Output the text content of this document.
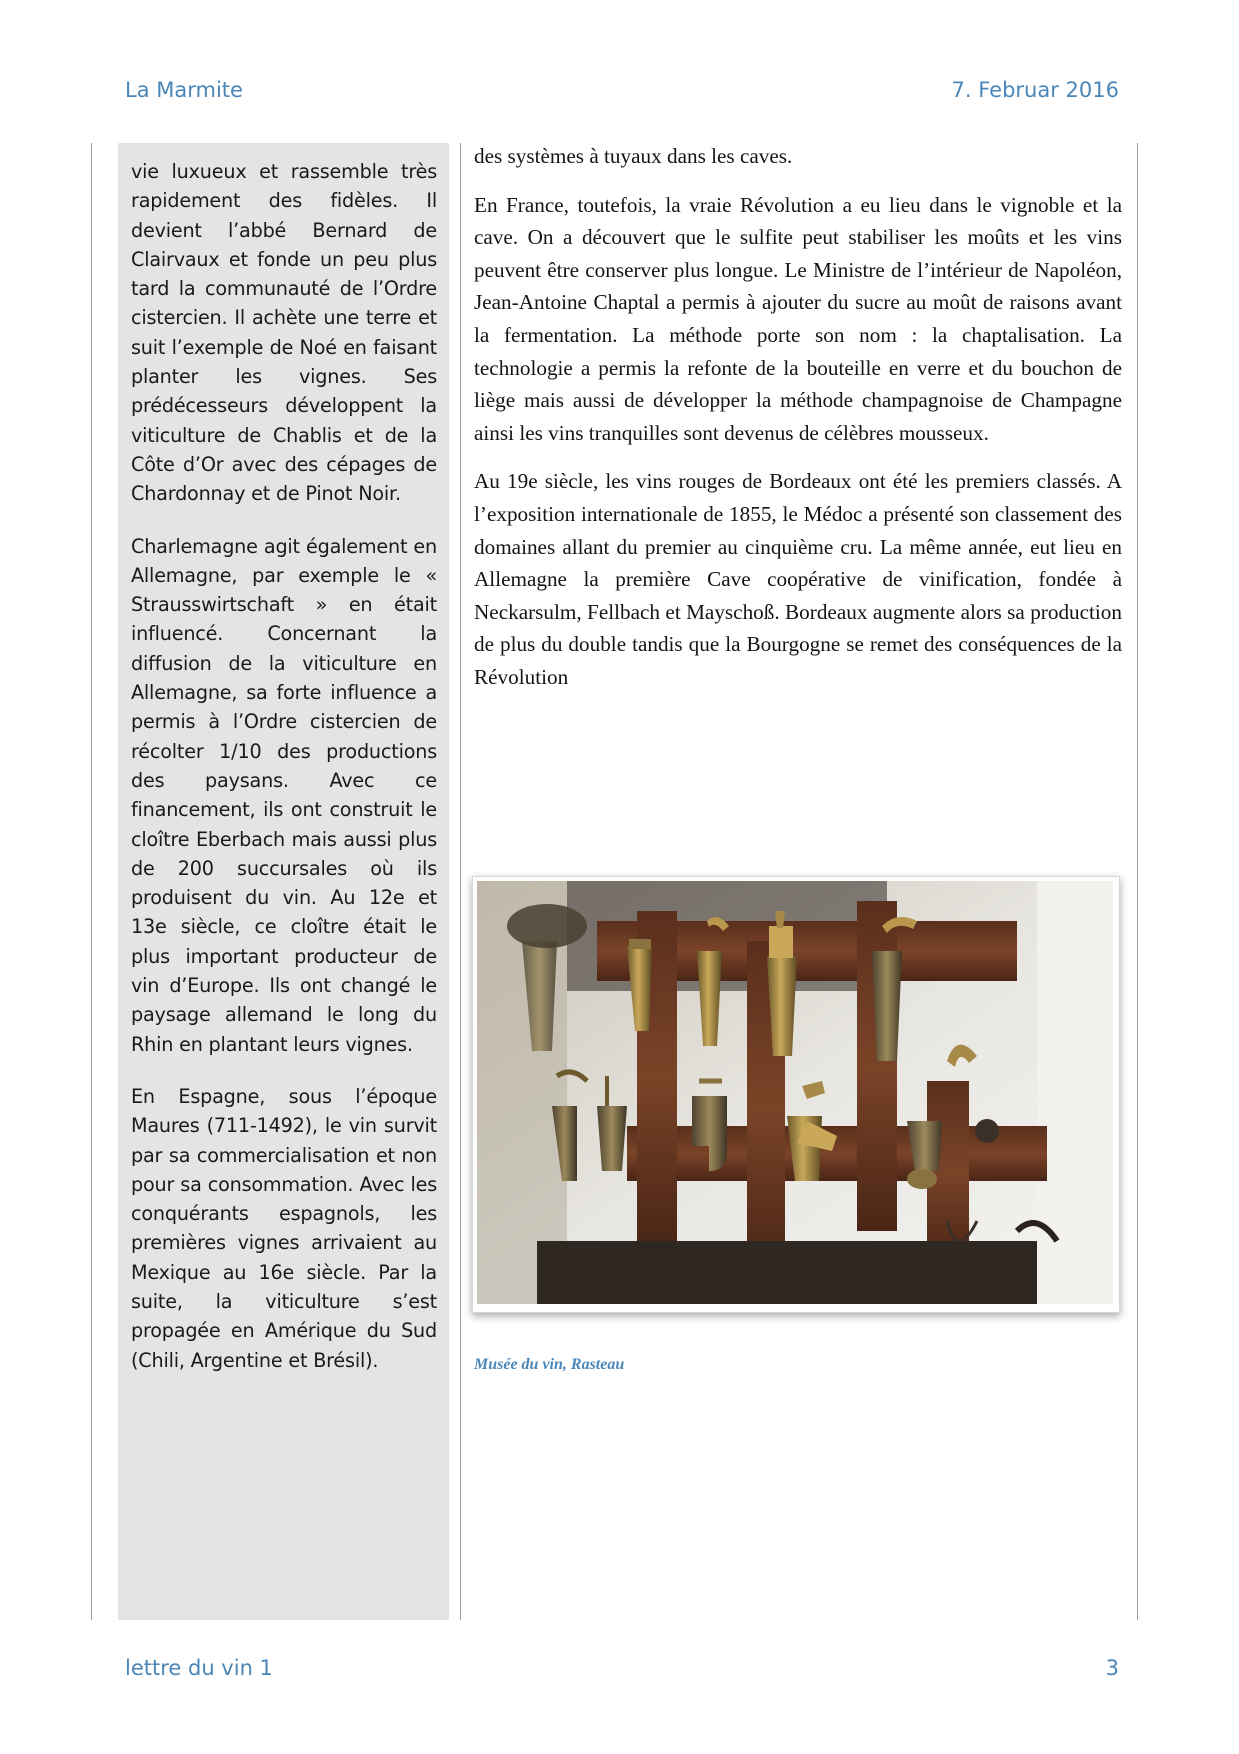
La Marmite	7. Februar 2016

vie luxueux et rassemble très rapidement des fidèles. Il devient l’abbé Bernard de Clairvaux et fonde un peu plus tard la communauté de l’Ordre cistercien. Il achète une terre et suit l’exemple de Noé en faisant planter les vignes. Ses prédécesseurs développent la viticulture de Chablis et de la Côte d’Or avec des cépages de Chardonnay et de Pinot Noir.

Charlemagne agit également en Allemagne, par exemple le « Strausswirtschaft » en était influencé. Concernant la diffusion de la viticulture en Allemagne, sa forte influence a permis à l’Ordre cistercien de récolter 1/10 des productions des paysans. Avec ce financement, ils ont construit le cloître Eberbach mais aussi plus de 200 succursales où ils produisent du vin. Au 12e et 13e siècle, ce cloître était le plus important producteur de vin d’Europe. Ils ont changé le paysage allemand le long du Rhin en plantant leurs vignes.

En Espagne, sous l’époque Maures (711-1492), le vin survit par sa commercialisation et non pour sa consommation. Avec les conquérants espagnols, les premières vignes arrivaient au Mexique au 16e siècle. Par la suite, la viticulture s’est propagée en Amérique du Sud (Chili, Argentine et Brésil).

des systèmes à tuyaux dans les caves.

En France, toutefois, la vraie Révolution a eu lieu dans le vignoble et la cave. On a découvert que le sulfite peut stabiliser les moûts et les vins peuvent être conserver plus longue. Le Ministre de l’intérieur de Napoléon, Jean-Antoine Chaptal a permis à ajouter du sucre au moût de raisons avant la fermentation. La méthode porte son nom : la chaptalisation. La technologie a permis la refonte de la bouteille en verre et du bouchon de liège mais aussi de développer la méthode champagnoise de Champagne ainsi les vins tranquilles sont devenus de célèbres mousseux.

Au 19e siècle, les vins rouges de Bordeaux ont été les premiers classés. A l’exposition internationale de 1855, le Médoc a présenté son classement des domaines allant du premier au cinquième cru. La même année, eut lieu en Allemagne la première Cave coopérative de vinification, fondée à Neckarsulm, Fellbach et Mayschoß. Bordeaux augmente alors sa production de plus du double tandis que la Bourgogne se remet des conséquences de la Révolution

Musée du vin, Rasteau
lettre du vin 1	3
